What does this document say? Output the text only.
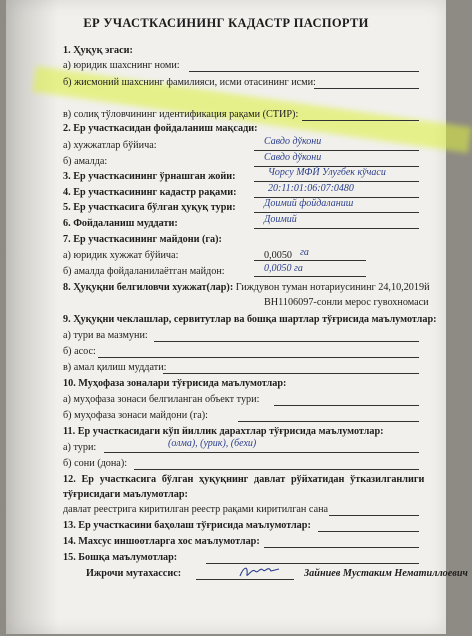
ЕР УЧАСТКАСИНИНГ КАДАСТР ПАСПОРТИ
1. Ҳуқуқ эгаси:
а) юридик шахснинг номи:
б) жисмоний шахснинг фамилияси, исми отасининг исми:
в) солиқ тўловчининг идентификация рақами (СТИР):
2. Ер участкасидан фойдаланиш мақсади:
а) хужжатлар бўйича:	Савдо дўкони
б) амалда:	Савдо дўкони
3. Ер участкасининг ўрнашган жойи:	Чорсу МФЙ Улугбек кўчаси
4. Ер участкасининг кадастр рақами:	20:11:01:06:07:0480
5. Ер участкасига бўлган ҳуқуқ тури:	Доимий фойдаланиш
6. Фойдаланиш муддати:	Доимий
7. Ер участкасининг майдони (га):
а) юридик хужжат бўйича:	0,0050 га
б) амалда фойдаланилаётган майдон:	0,0050 га
8. Ҳуқуқни белгиловчи хужжат(лар): Гиждувон туман нотариусининг 24,10,2019й
ВН1106097-сонли мерос гувохномаси
9. Ҳуқуқни чеклашлар, сервитутлар ва бошқа шартлар тўғрисида маълумотлар:
а) тури ва мазмуни:
б) асос:
в) амал қилиш муддати:
10. Муҳофаза зоналари тўғрисида маълумотлар:
а) муҳофаза зонаси белгиланган объект тури:
б) муҳофаза зонаси майдони (га):
11. Ер участкасидаги кўп йиллик дарахтлар тўғрисида маълумотлар:
а) тури:	(олма), (урик), (бехи)
б) сони (дона):
12. Ер участкасига бўлган ҳуқуқнинг давлат рўйхатидан ўтказилганлиги
тўғрисидаги маълумотлар:
давлат реестрига киритилган реестр рақами киритилган сана
13. Ер участкасини баҳолаш тўғрисида маълумотлар:
14. Махсус иншоотларга хос маълумотлар:
15. Бошқа маълумотлар:
Ижрочи мутахассис:	Зайниев Мустаким Нематиллоевич
